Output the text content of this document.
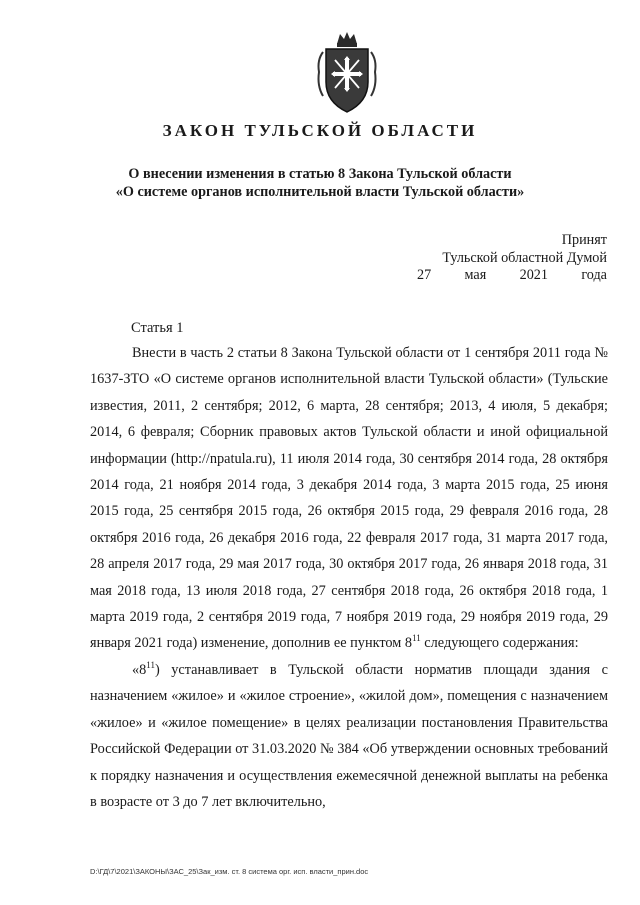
ЗАКОН ТУЛЬСКОЙ ОБЛАСТИ

О внесении изменения в статью 8 Закона Тульской области

«О системе органов исполнительной власти Тульской области»

Принят
Тульской областной Думой
27 мая 2021 года
Статья 1

Внести в часть 2 статьи 8 Закона Тульской области от 1 сентября 2011 года № 1637-ЗТО «О системе органов исполнительной власти Тульской области» (Тульские известия, 2011, 2 сентября; 2012, 6 марта, 28 сентября; 2013, 4 июля, 5 декабря; 2014, 6 февраля; Сборник правовых актов Тульской области и иной официальной информации (http://npatula.ru), 11 июля 2014 года, 30 сентября 2014 года, 28 октября 2014 года, 21 ноября 2014 года, 3 декабря 2014 года, 3 марта 2015 года, 25 июня 2015 года, 25 сентября 2015 года, 26 октября 2015 года, 29 февраля 2016 года, 28 октября 2016 года, 26 декабря 2016 года, 22 февраля 2017 года, 31 марта 2017 года, 28 апреля 2017 года, 29 мая 2017 года, 30 октября 2017 года, 26 января 2018 года, 31 мая 2018 года, 13 июля 2018 года, 27 сентября 2018 года, 26 октября 2018 года, 1 марта 2019 года, 2 сентября 2019 года, 7 ноября 2019 года, 29 ноября 2019 года, 29 января 2021 года) изменение, дополнив ее пунктом $8^{11}$ следующего содержания:

«$8^{11}$) устанавливает в Тульской области норматив площади здания с назначением «жилое» и «жилое строение», «жилой дом», помещения с назначением «жилое» и «жилое помещение» в целях реализации постановления Правительства Российской Федерации от 31.03.2020 № 384 «Об утверждении основных требований к порядку назначения и осуществления ежемесячной денежной выплаты на ребенка в возрасте от 3 до 7 лет включительно,

D:\ГД\7\2021\ЗАКОНЫ\ЗАС_25\Зак_изм. ст. 8 система орг. исп. власти_прин.doc
